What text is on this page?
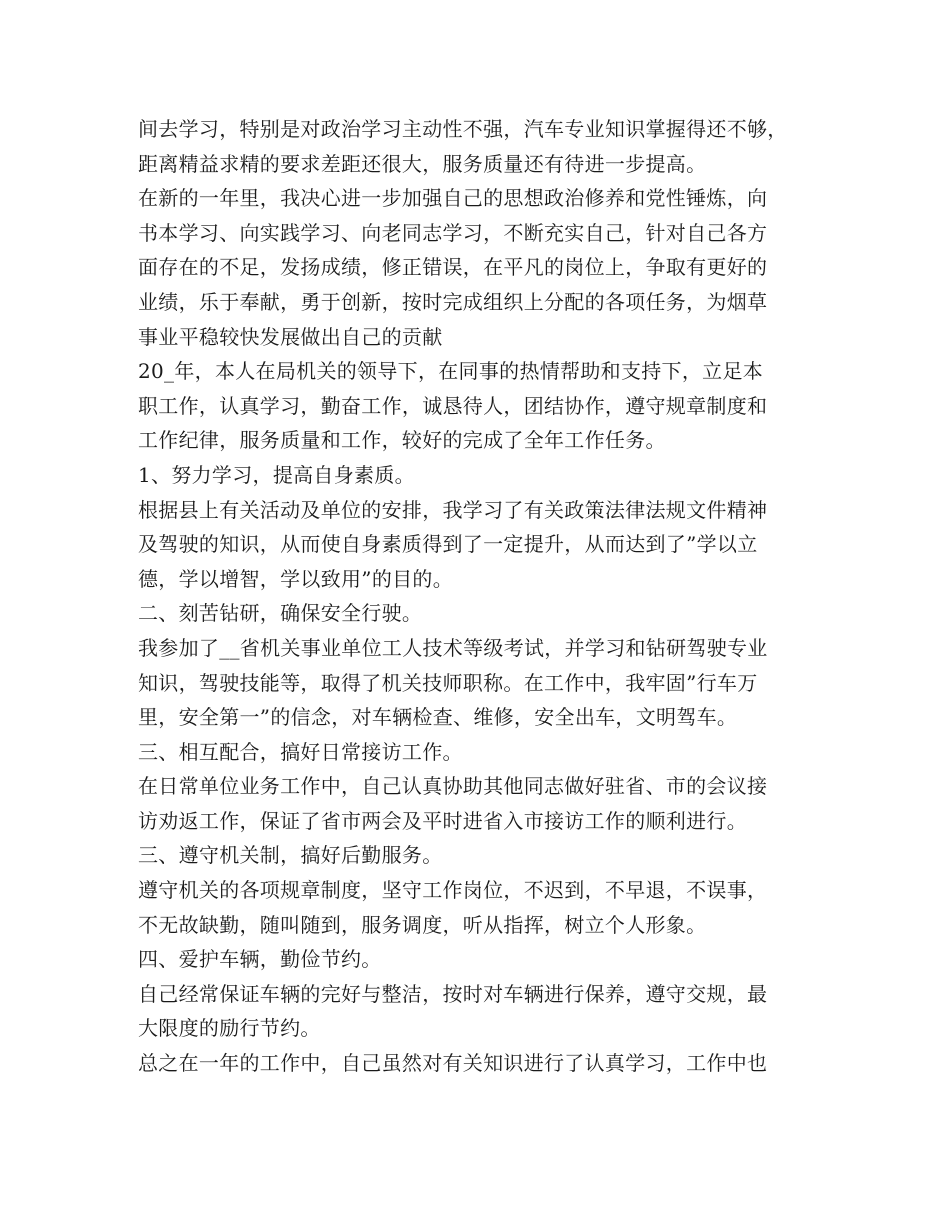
间去学习，特别是对政治学习主动性不强，汽车专业知识掌握得还不够，
距离精益求精的要求差距还很大，服务质量还有待进一步提高。
在新的一年里，我决心进一步加强自己的思想政治修养和党性锤炼，向
书本学习、向实践学习、向老同志学习，不断充实自己，针对自己各方
面存在的不足，发扬成绩，修正错误，在平凡的岗位上，争取有更好的
业绩，乐于奉献，勇于创新，按时完成组织上分配的各项任务，为烟草
事业平稳较快发展做出自己的贡献
20_年，本人在局机关的领导下，在同事的热情帮助和支持下，立足本
职工作，认真学习，勤奋工作，诚恳待人，团结协作，遵守规章制度和
工作纪律，服务质量和工作，较好的完成了全年工作任务。
1、努力学习，提高自身素质。
根据县上有关活动及单位的安排，我学习了有关政策法律法规文件精神
及驾驶的知识，从而使自身素质得到了一定提升，从而达到了”学以立
德，学以增智，学以致用”的目的。
二、刻苦钻研，确保安全行驶。
我参加了__省机关事业单位工人技术等级考试，并学习和钻研驾驶专业
知识，驾驶技能等，取得了机关技师职称。在工作中，我牢固”行车万
里，安全第一”的信念，对车辆检查、维修，安全出车，文明驾车。
三、相互配合，搞好日常接访工作。
在日常单位业务工作中，自己认真协助其他同志做好驻省、市的会议接
访劝返工作，保证了省市两会及平时进省入市接访工作的顺利进行。
三、遵守机关制，搞好后勤服务。
遵守机关的各项规章制度，坚守工作岗位，不迟到，不早退，不误事，
不无故缺勤，随叫随到，服务调度，听从指挥，树立个人形象。
四、爱护车辆，勤俭节约。
自己经常保证车辆的完好与整洁，按时对车辆进行保养，遵守交规，最
大限度的励行节约。
总之在一年的工作中，自己虽然对有关知识进行了认真学习，工作中也
